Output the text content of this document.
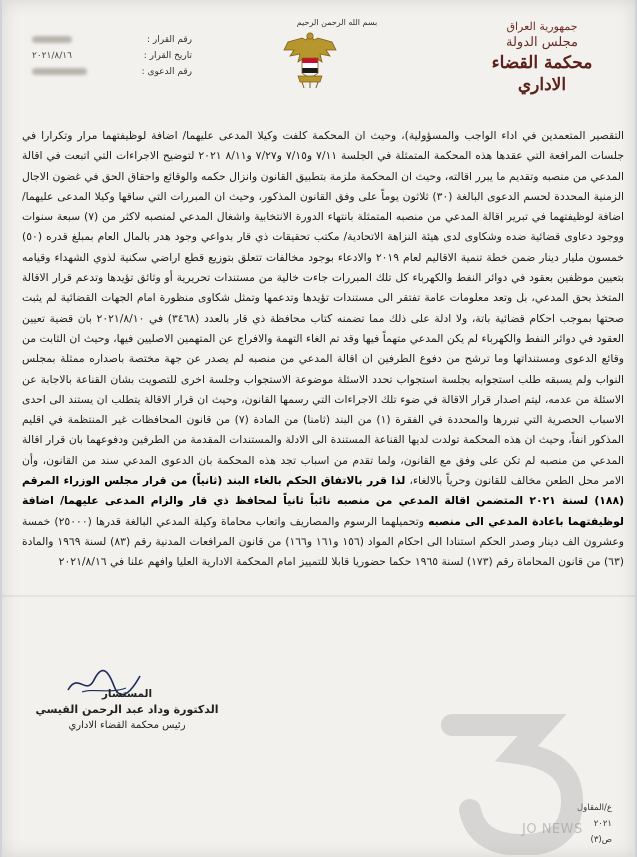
بسم الله الرحمن الرحيم	جمهورية العراق
مجلس الدولة
محكمة القضاء الاداري
رقم القرار :
تاريخ القرار :
٢٠٢١/٨/١٦
رقم الدعوى :
التقصير المتعمدين في اداء الواجب والمسؤولية)، وحيث ان المحكمة كلفت وكيلا المدعى عليهما/ اضافة لوظيفتهما مرار وتكرارا في جلسات المرافعة التي عقدها هذه المحكمة المتمثلة في الجلسة ٧/١١ و٧/١٥ و٧/٢٧ و٨/١١ ٢٠٢١ لتوضيح الاجراءات التي اتبعت في اقالة المدعي من منصبه وتقديم ما يبرر اقالته، وحيث ان المحكمة ملزمة بتطبيق القانون وانزال حكمه والوقائع واحقاق الحق في غضون الاجال الزمنية المحددة لحسم الدعوى البالغة (٣٠) ثلاثون يوماً على وفق القانون المذكور، وحيث ان المبررات التي ساقها وكيلا المدعى عليهما/ اضافة لوظيفتهما في تبرير اقالة المدعي من منصبه المتمثلة بانتهاء الدورة الانتخابية واشغال المدعي لمنصبه لاكثر من (٧) سبعة سنوات ووجود دعاوى قضائية ضده وشكاوى لدى هيئة النزاهة الاتحادية/ مكتب تحقيقات ذي قار بدواعي وجود هدر بالمال العام بمبلغ قدره (٥٠) خمسون مليار دينار ضمن خطة تنمية الاقاليم لعام ٢٠١٩ والادعاء بوجود مخالفات تتعلق بتوزيع قطع اراضي سكنية لذوي الشهداء وقيامه بتعيين موظفين بعقود في دوائر النفط والكهرباء كل تلك المبررات جاءت خالية من مستندات تحريرية أو وثائق تؤيدها وتدعم قرار الاقالة المتخذ بحق المدعي، بل وتعد معلومات عامة تفتقر الى مستندات تؤيدها وتدعمها وتمثل شكاوى منظورة امام الجهات القضائية لم يثبت صحتها بموجب احكام قضائية باتة، ولا ادلة على ذلك مما تضمنه كتاب محافظة ذي قار بالعدد (٣٤٦٨) في ٢٠٢١/٨/١٠ بان قضية تعيين العقود في دوائر النفط والكهرباء لم يكن المدعي متهماً فيها وقد تم الغاء التهمة والافراج عن المتهمين الاصليين فيها، وحيث ان الثابت من وقائع الدعوى ومستنداتها وما ترشح من دفوع الطرفين ان اقالة المدعي من منصبه لم يصدر عن جهة مختصة باصداره ممثلة بمجلس النواب ولم يسبقه طلب استجوابه بجلسة استجواب تحدد الاسئلة موضوعة الاستجواب وجلسة اخرى للتصويت بشان القناعة بالاجابة عن الاسئلة من عدمه، ليتم اصدار قرار الاقالة في ضوء تلك الاجراءات التي رسمها القانون، وحيث ان قرار الاقالة يتطلب ان يستند الى احدى الاسباب الحصرية التي تبررها والمحددة في الفقرة (١) من البند (ثامنا) من المادة (٧) من قانون المحافظات غير المنتظمة في اقليم المذكور انفاً، وحيث ان هذه المحكمة تولدت لديها القناعة المستندة الى الادلة والمستندات المقدمة من الطرفين ودفوعهما بان قرار اقالة المدعي من منصبه لم تكن على وفق مع القانون، ولما تقدم من اسباب تجد هذه المحكمة بان الدعوى المدعي سند من القانون، وأن الامر محل الطعن مخالف للقانون وحرياً بالالغاء، لذا قرر بالاتفاق الحكم بالغاء البند (ثانياً) من قرار مجلس الوزراء المرقم (١٨٨) لسنة ٢٠٢١ المتضمن اقالة المدعي من منصبه نائباً ثانياً لمحافظ ذي قار والزام المدعى عليهما/ اضافة لوظيفتهما باعادة المدعي الى منصبه وتحميلهما الرسوم والمصاريف واتعاب محاماة وكيلة المدعي البالغة قدرها (٢٥٠٠٠) خمسة وعشرون الف دينار وصدر الحكم استنادا الى احكام المواد (١٥٦ و١٦١ و١٦٦) من قانون المرافعات المدنية رقم (٨٣) لسنة ١٩٦٩ والمادة (٦٣) من قانون المحاماة رقم (١٧٣) لسنة ١٩٦٥ حكما حضوريا قابلا للتمييز امام المحكمة الادارية العليا وافهم علنا في ٢٠٢١/٨/١٦
المستشار
الدكتورة وداد عبد الرحمن القيسي
رئيس محكمة القضاء الاداري
ع/المقاول
٢٠٢١
ص(٣)
JO NEWS
